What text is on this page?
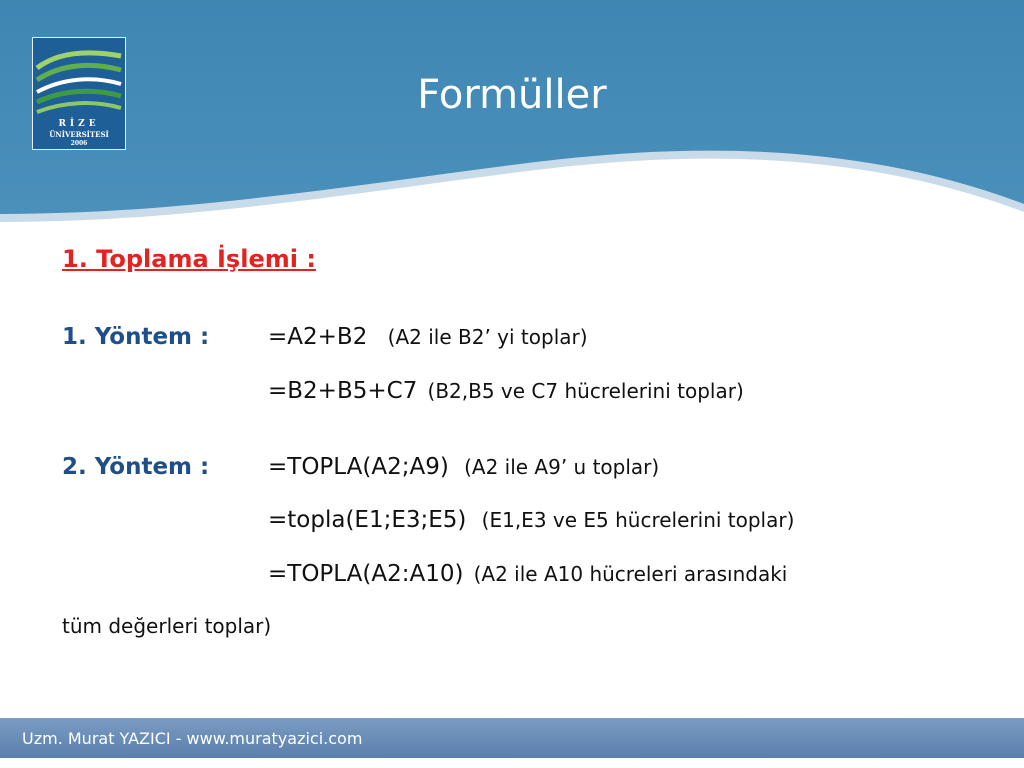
RİZE
ÜNİVERSİTESİ
2006
Formüller
1. Toplama İşlemi :
1. Yöntem :	=A2+B2 (A2 ile B2’ yi toplar)
=B2+B5+C7 (B2,B5 ve C7 hücrelerini toplar)
2. Yöntem :	=TOPLA(A2;A9) (A2 ile A9’ u toplar)
=topla(E1;E3;E5) (E1,E3 ve E5 hücrelerini toplar)
=TOPLA(A2:A10) (A2 ile A10 hücreleri arasındaki
tüm değerleri toplar)
Uzm. Murat YAZICI - www.muratyazici.com
